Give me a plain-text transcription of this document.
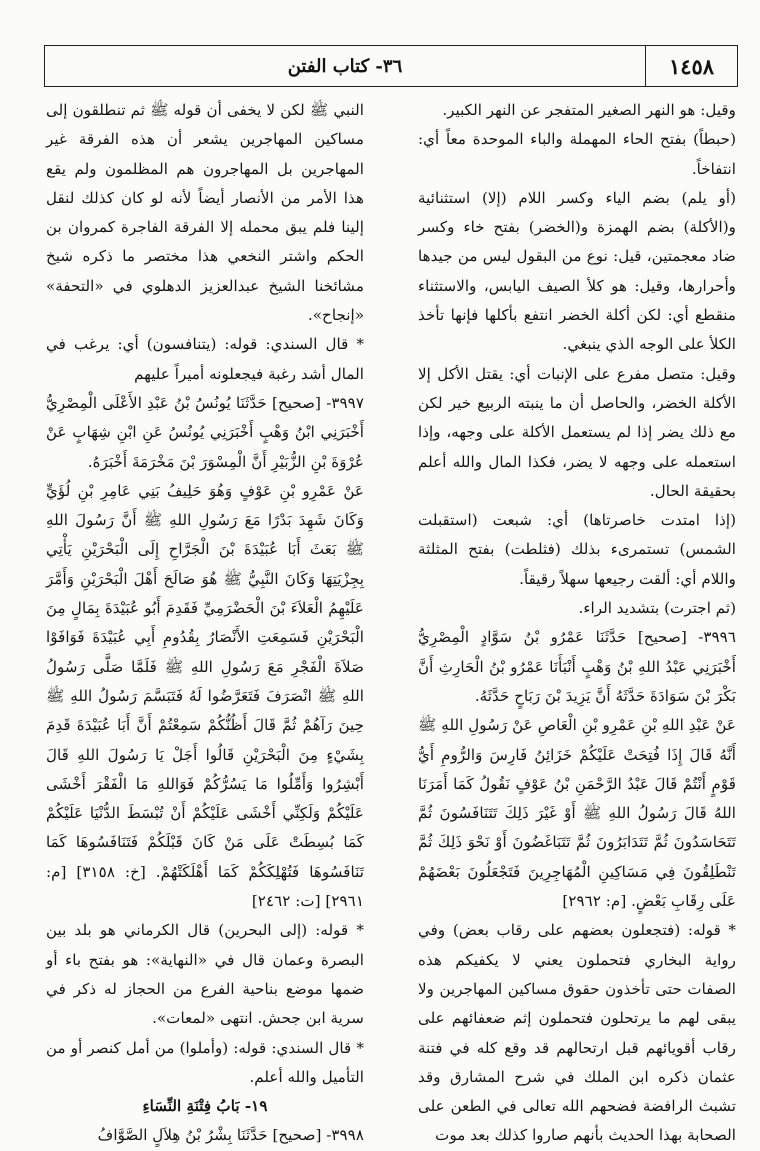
٣٦- كتاب الفتن	١٤٥٨

وقيل: هو النهر الصغير المتفجر عن النهر الكبير.

(حبطاً) بفتح الحاء المهملة والباء الموحدة معاً أي: انتفاخاً.

(أو يلم) بضم الياء وكسر اللام (إلا) استثنائية و(الأكلة) بضم الهمزة و(الخضر) بفتح خاء وكسر ضاد معجمتين، قيل: نوع من البقول ليس من جيدها وأحرارها، وقيل: هو كلأ الصيف اليابس، والاستثناء منقطع أي: لكن أكلة الخضر انتفع بأكلها فإنها تأخذ الكلأ على الوجه الذي ينبغي.

وقيل: متصل مفرع على الإنبات أي: يقتل الأكل إلا الأكلة الخضر، والحاصل أن ما ينبته الربيع خير لكن مع ذلك يضر إذا لم يستعمل الأكلة على وجهه، وإذا استعمله على وجهه لا يضر، فكذا المال والله أعلم بحقيقة الحال.

(إذا امتدت خاصرتاها) أي: شبعت (استقبلت الشمس) تستمرىء بذلك (فثلطت) بفتح المثلثة واللام أي: ألقت رجيعها سهلاً رقيقاً.

(ثم اجترت) بتشديد الراء.

٣٩٩٦- [صحيح] حَدَّثَنَا عَمْرُو بْنُ سَوَّادٍ الْمِصْرِيُّ أَخْبَرَنِي عَبْدُ اللهِ بْنُ وَهْبٍ أَنْبَأَنَا عَمْرُو بْنُ الْحَارِثِ أَنَّ بَكْرَ بْنَ سَوَادَةَ حَدَّثَهُ أَنَّ يَزِيدَ بْنَ رَبَاحٍ حَدَّثَهُ.

عَنْ عَبْدِ اللهِ بْنِ عَمْرِو بْنِ الْعَاصِ عَنْ رَسُولِ اللهِ ﷺ أَنَّهُ قَالَ إِذَا فُتِحَتْ عَلَيْكُمْ خَزَائِنُ فَارِسَ وَالرُّومِ أَيُّ قَوْمٍ أَنْتُمْ قَالَ عَبْدُ الرَّحْمَنِ بْنُ عَوْفٍ نَقُولُ كَمَا أَمَرَنَا اللهُ قَالَ رَسُولُ اللهِ ﷺ أَوْ غَيْرَ ذَلِكَ تَتَنَافَسُونَ ثُمَّ تَتَحَاسَدُونَ ثُمَّ تَتَدَابَرُونَ ثُمَّ تَتَبَاغَضُونَ أَوْ نَحْوَ ذَلِكَ ثُمَّ تَنْطَلِقُونَ فِي مَسَاكِينِ الْمُهَاجِرِينَ فَتَجْعَلُونَ بَعْضَهُمْ عَلَى رِقَابِ بَعْضٍ. [م: ٢٩٦٢]

* قوله: (فتجعلون بعضهم على رقاب بعض) وفي رواية البخاري فتحملون يعني لا يكفيكم هذه الصفات حتى تأخذون حقوق مساكين المهاجرين ولا يبقى لهم ما يرتحلون فتحملون إثم ضعفائهم على رقاب أقويائهم قبل ارتحالهم قد وقع كله في فتنة عثمان ذكره ابن الملك في شرح المشارق وقد تشبث الرافضة فضحهم الله تعالى في الطعن على الصحابة بهذا الحديث بأنهم صاروا كذلك بعد موت

النبي ﷺ لكن لا يخفى أن قوله ﷺ ثم تنطلقون إلى مساكين المهاجرين يشعر أن هذه الفرقة غير المهاجرين بل المهاجرون هم المظلمون ولم يقع هذا الأمر من الأنصار أيضاً لأنه لو كان كذلك لنقل إلينا فلم يبق محمله إلا الفرقة الفاجرة كمروان بن الحكم واشتر النخعي هذا مختصر ما ذكره شيخ مشائخنا الشيخ عبدالعزيز الدهلوي في «التحفة» «إنجاح».

* قال السندي: قوله: (يتنافسون) أي: يرغب في المال أشد رغبة فيجعلونه أميراً عليهم

٣٩٩٧- [صحيح] حَدَّثَنَا يُونُسُ بْنُ عَبْدِ الأَعْلَى الْمِصْرِيُّ أَخْبَرَنِي ابْنُ وَهْبٍ أَخْبَرَنِي يُونُسُ عَنِ ابْنِ شِهَابٍ عَنْ عُرْوَةَ بْنِ الزُّبَيْرِ أَنَّ الْمِسْوَرَ بْنَ مَخْرَمَةَ أَخْبَرَهُ.

عَنْ عَمْرِو بْنِ عَوْفٍ وَهُوَ حَلِيفُ بَنِي عَامِرِ بْنِ لُؤَيٍّ وَكَانَ شَهِدَ بَدْرًا مَعَ رَسُولِ اللهِ ﷺ أَنَّ رَسُولَ اللهِ ﷺ بَعَثَ أَبَا عُبَيْدَةَ بْنَ الْجَرَّاحِ إِلَى الْبَحْرَيْنِ يَأْتِي بِجِزْيَتِهَا وَكَانَ النَّبِيُّ ﷺ هُوَ صَالَحَ أَهْلَ الْبَحْرَيْنِ وَأَمَّرَ عَلَيْهِمُ الْعَلاَءَ بْنَ الْحَضْرَمِيِّ فَقَدِمَ أَبُو عُبَيْدَةَ بِمَالٍ مِنَ الْبَحْرَيْنِ فَسَمِعَتِ الأَنْصَارُ بِقُدُومِ أَبِي عُبَيْدَةَ فَوَافَوْا صَلاَةَ الْفَجْرِ مَعَ رَسُولِ اللهِ ﷺ فَلَمَّا صَلَّى رَسُولُ اللهِ ﷺ انْصَرَفَ فَتَعَرَّضُوا لَهُ فَتَبَسَّمَ رَسُولُ اللهِ ﷺ حِينَ رَآهُمْ ثُمَّ قَالَ أَظُنُّكُمْ سَمِعْتُمْ أَنَّ أَبَا عُبَيْدَةَ قَدِمَ بِشَيْءٍ مِنَ الْبَحْرَيْنِ قَالُوا أَجَلْ يَا رَسُولَ اللهِ قَالَ أَبْشِرُوا وَأَمِّلُوا مَا يَسُرُّكُمْ فَوَاللهِ مَا الْفَقْرَ أَخْشَى عَلَيْكُمْ وَلَكِنِّي أَخْشَى عَلَيْكُمْ أَنْ تُبْسَطَ الدُّنْيَا عَلَيْكُمْ كَمَا بُسِطَتْ عَلَى مَنْ كَانَ قَبْلَكُمْ فَتَنَافَسُوهَا كَمَا تَنَافَسُوهَا فَتُهْلِكَكُمْ كَمَا أَهْلَكَتْهُمْ. [خ: ٣١٥٨] [م: ٢٩٦١] [ت: ٢٤٦٢]

* قوله: (إلى البحرين) قال الكرماني هو بلد بين البصرة وعمان قال في «النهاية»: هو بفتح باء أو ضمها موضع بناحية الفرع من الحجاز له ذكر في سرية ابن جحش. انتهى «لمعات».

* قال السندي: قوله: (وأملوا) من أمل كنصر أو من التأميل والله أعلم.

١٩- بَابُ فِتْنَةِ النِّسَاءِ

٣٩٩٨- [صحيح] حَدَّثَنَا بِشْرُ بْنُ هِلاَلٍ الصَّوَّافُ
